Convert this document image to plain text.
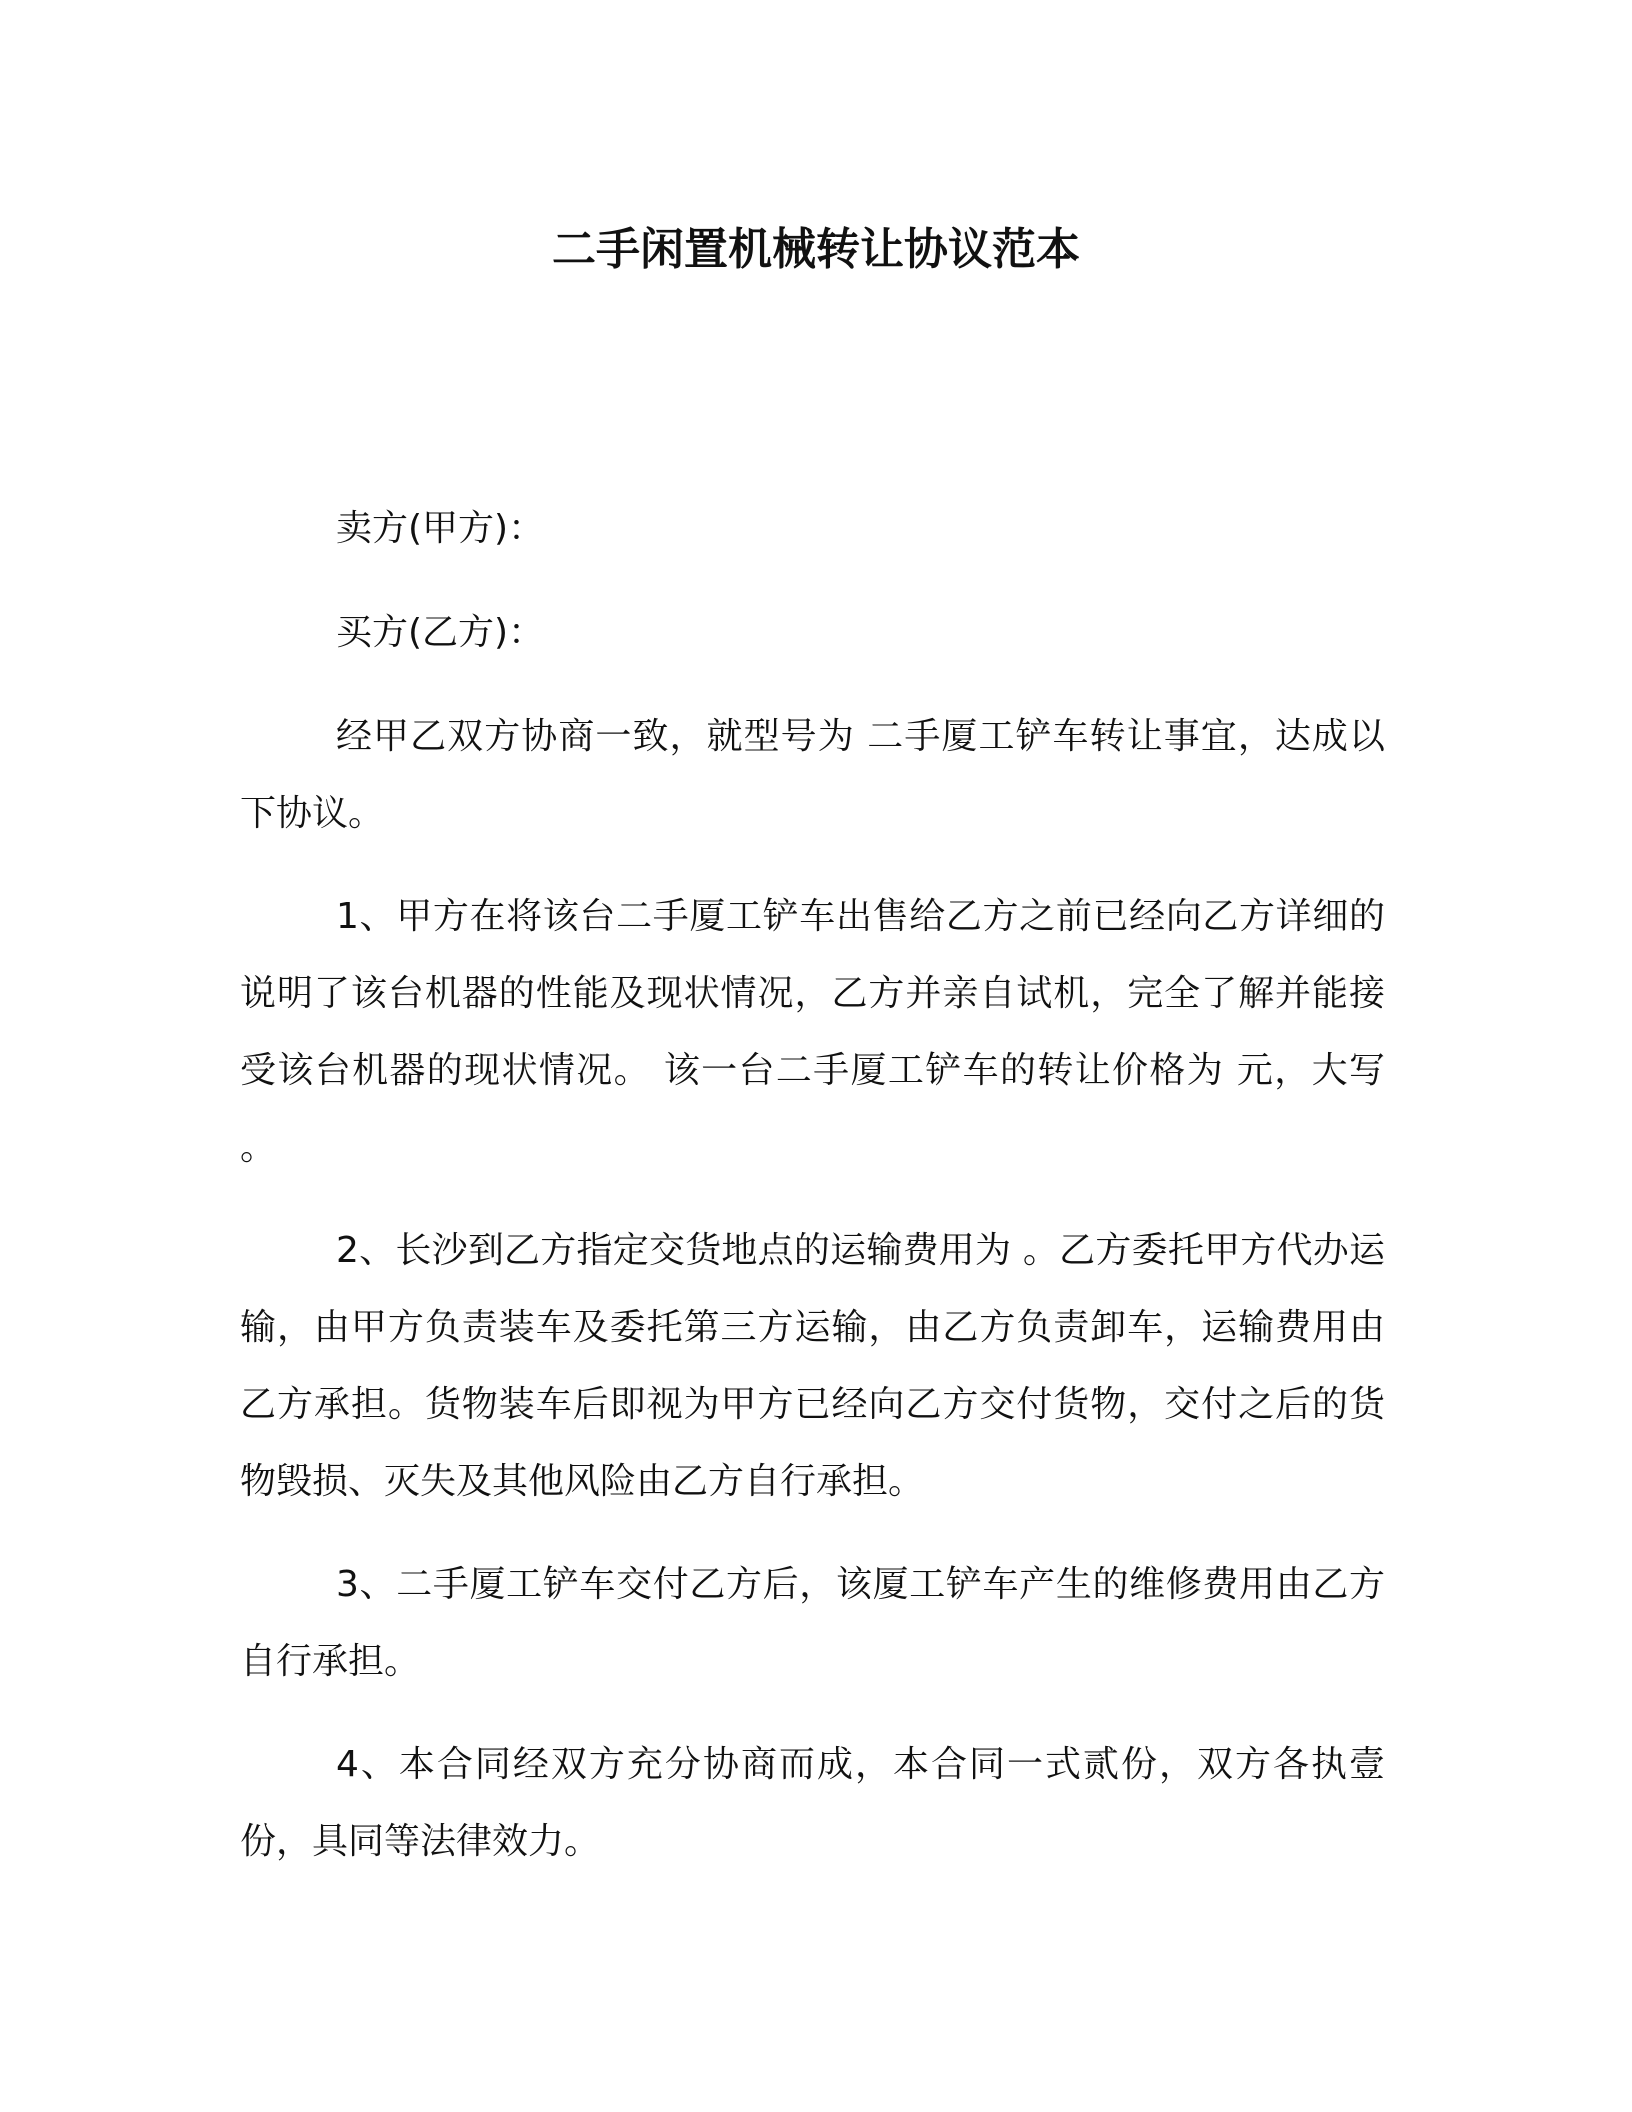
二手闲置机械转让协议范本

卖方(甲方)：

买方(乙方)：

经甲乙双方协商一致，就型号为 二手厦工铲车转让事宜，达成以下协议。

1、甲方在将该台二手厦工铲车出售给乙方之前已经向乙方详细的说明了该台机器的性能及现状情况，乙方并亲自试机，完全了解并能接受该台机器的现状情况。 该一台二手厦工铲车的转让价格为 元，大写 。

2、长沙到乙方指定交货地点的运输费用为 。乙方委托甲方代办运输，由甲方负责装车及委托第三方运输，由乙方负责卸车，运输费用由乙方承担。货物装车后即视为甲方已经向乙方交付货物，交付之后的货物毁损、灭失及其他风险由乙方自行承担。

3、二手厦工铲车交付乙方后，该厦工铲车产生的维修费用由乙方自行承担。

4、本合同经双方充分协商而成，本合同一式贰份，双方各执壹份，具同等法律效力。
